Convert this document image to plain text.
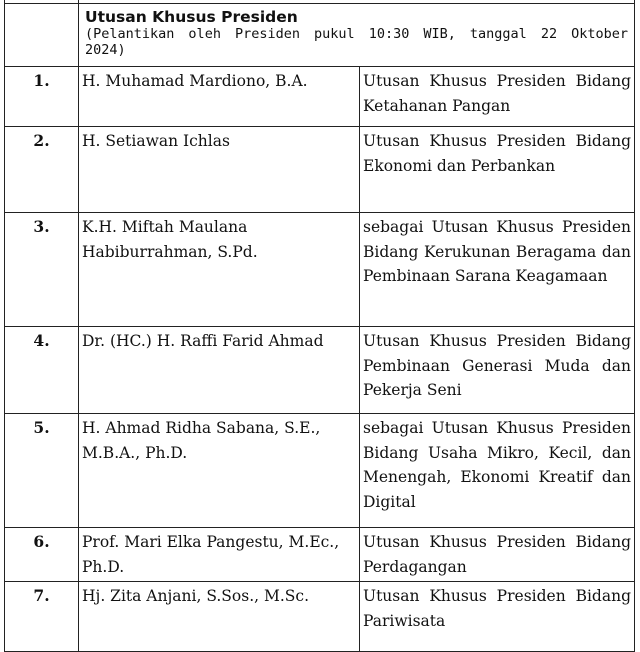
	Utusan Khusus Presiden
(Pelantikan oleh Presiden pukul 10:30 WIB, tanggal 22 Oktober 2024)	

1.	H. Muhamad Mardiono, B.A.	Utusan Khusus Presiden Bidang Ketahanan Pangan
2.	H. Setiawan Ichlas	Utusan Khusus Presiden Bidang Ekonomi dan Perbankan
3.	K.H. Miftah Maulana Habiburrahman, S.Pd.	sebagai Utusan Khusus Presiden Bidang Kerukunan Beragama dan Pembinaan Sarana Keagamaan
4.	Dr. (HC.) H. Raffi Farid Ahmad	Utusan Khusus Presiden Bidang Pembinaan Generasi Muda dan Pekerja Seni
5.	H. Ahmad Ridha Sabana, S.E., M.B.A., Ph.D.	sebagai Utusan Khusus Presiden Bidang Usaha Mikro, Kecil, dan Menengah, Ekonomi Kreatif dan Digital
6.	Prof. Mari Elka Pangestu, M.Ec., Ph.D.	Utusan Khusus Presiden Bidang Perdagangan
7.	Hj. Zita Anjani, S.Sos., M.Sc.	Utusan Khusus Presiden Bidang Pariwisata
